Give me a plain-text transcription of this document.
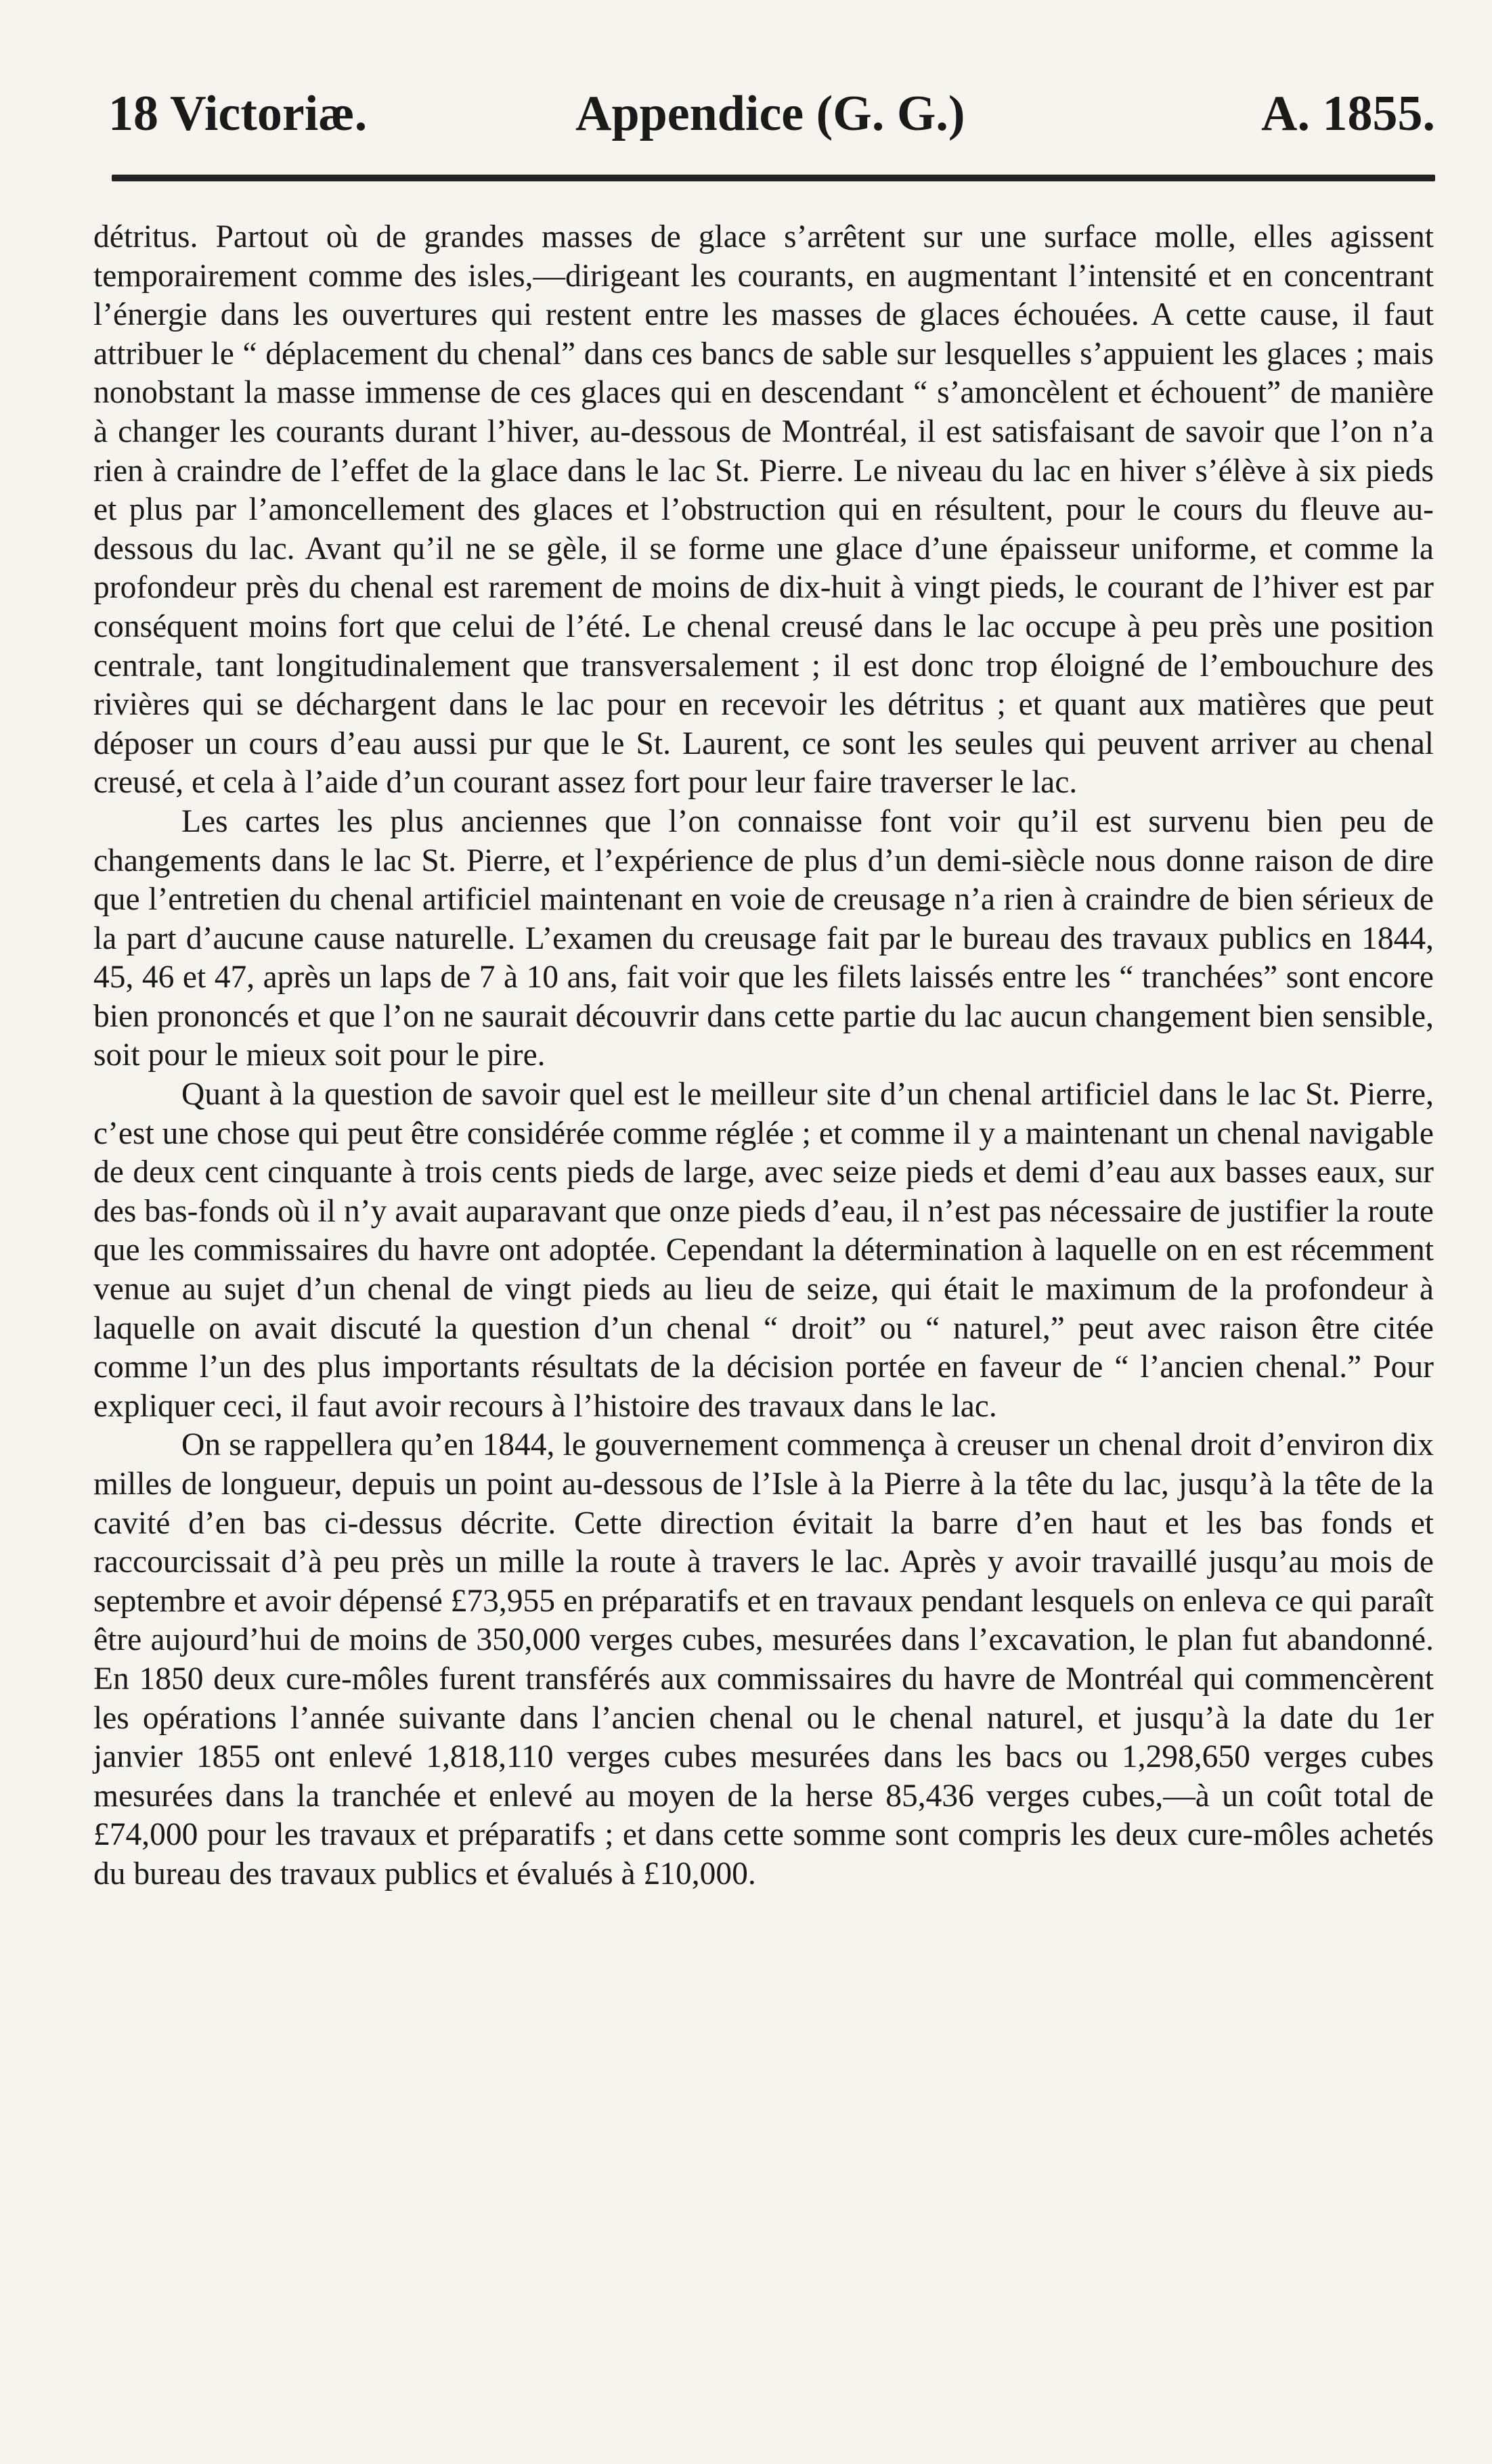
18 Victoriæ.	Appendice (G. G.)	A. 1855.

détritus. Partout où de grandes masses de glace s’arrêtent sur une surface molle, elles agissent temporairement comme des isles,—dirigeant les courants, en augmentant l’intensité et en concentrant l’énergie dans les ouvertures qui restent entre les masses de glaces échouées. A cette cause, il faut attribuer le “ déplacement du chenal” dans ces bancs de sable sur lesquelles s’appuient les glaces ; mais nonobstant la masse immense de ces glaces qui en descendant “ s’amoncèlent et échouent” de manière à changer les courants durant l’hiver, au-dessous de Montréal, il est satisfaisant de savoir que l’on n’a rien à craindre de l’effet de la glace dans le lac St. Pierre. Le niveau du lac en hiver s’élève à six pieds et plus par l’amoncellement des glaces et l’obstruction qui en résultent, pour le cours du fleuve au-dessous du lac. Avant qu’il ne se gèle, il se forme une glace d’une épaisseur uniforme, et comme la profondeur près du chenal est rarement de moins de dix-huit à vingt pieds, le courant de l’hiver est par conséquent moins fort que celui de l’été. Le chenal creusé dans le lac occupe à peu près une position centrale, tant longitudinalement que transversalement ; il est donc trop éloigné de l’embouchure des rivières qui se déchargent dans le lac pour en recevoir les détritus ; et quant aux matières que peut déposer un cours d’eau aussi pur que le St. Laurent, ce sont les seules qui peuvent arriver au chenal creusé, et cela à l’aide d’un courant assez fort pour leur faire traverser le lac.

Les cartes les plus anciennes que l’on connaisse font voir qu’il est survenu bien peu de changements dans le lac St. Pierre, et l’expérience de plus d’un demi-siècle nous donne raison de dire que l’entretien du chenal artificiel maintenant en voie de creusage n’a rien à craindre de bien sérieux de la part d’aucune cause naturelle. L’examen du creusage fait par le bureau des travaux publics en 1844, 45, 46 et 47, après un laps de 7 à 10 ans, fait voir que les filets laissés entre les “ tranchées” sont encore bien prononcés et que l’on ne saurait découvrir dans cette partie du lac aucun changement bien sensible, soit pour le mieux soit pour le pire.

Quant à la question de savoir quel est le meilleur site d’un chenal artificiel dans le lac St. Pierre, c’est une chose qui peut être considérée comme réglée ; et comme il y a maintenant un chenal navigable de deux cent cinquante à trois cents pieds de large, avec seize pieds et demi d’eau aux basses eaux, sur des bas-fonds où il n’y avait auparavant que onze pieds d’eau, il n’est pas nécessaire de justifier la route que les commissaires du havre ont adoptée. Cependant la détermination à laquelle on en est récemment venue au sujet d’un chenal de vingt pieds au lieu de seize, qui était le maximum de la profondeur à laquelle on avait discuté la question d’un chenal “ droit” ou “ naturel,” peut avec raison être citée comme l’un des plus importants résultats de la décision portée en faveur de “ l’ancien chenal.” Pour expliquer ceci, il faut avoir recours à l’histoire des travaux dans le lac.

On se rappellera qu’en 1844, le gouvernement commença à creuser un chenal droit d’environ dix milles de longueur, depuis un point au-dessous de l’Isle à la Pierre à la tête du lac, jusqu’à la tête de la cavité d’en bas ci-dessus décrite. Cette direction évitait la barre d’en haut et les bas fonds et raccourcissait d’à peu près un mille la route à travers le lac. Après y avoir travaillé jusqu’au mois de septembre et avoir dépensé £73,955 en préparatifs et en travaux pendant lesquels on enleva ce qui paraît être aujourd’hui de moins de 350,000 verges cubes, mesurées dans l’excavation, le plan fut abandonné. En 1850 deux cure-môles furent transférés aux commissaires du havre de Montréal qui commencèrent les opérations l’année suivante dans l’ancien chenal ou le chenal naturel, et jusqu’à la date du 1er janvier 1855 ont enlevé 1,818,110 verges cubes mesurées dans les bacs ou 1,298,650 verges cubes mesurées dans la tranchée et enlevé au moyen de la herse 85,436 verges cubes,—à un coût total de £74,000 pour les travaux et préparatifs ; et dans cette somme sont compris les deux cure-môles achetés du bureau des travaux publics et évalués à £10,000.
